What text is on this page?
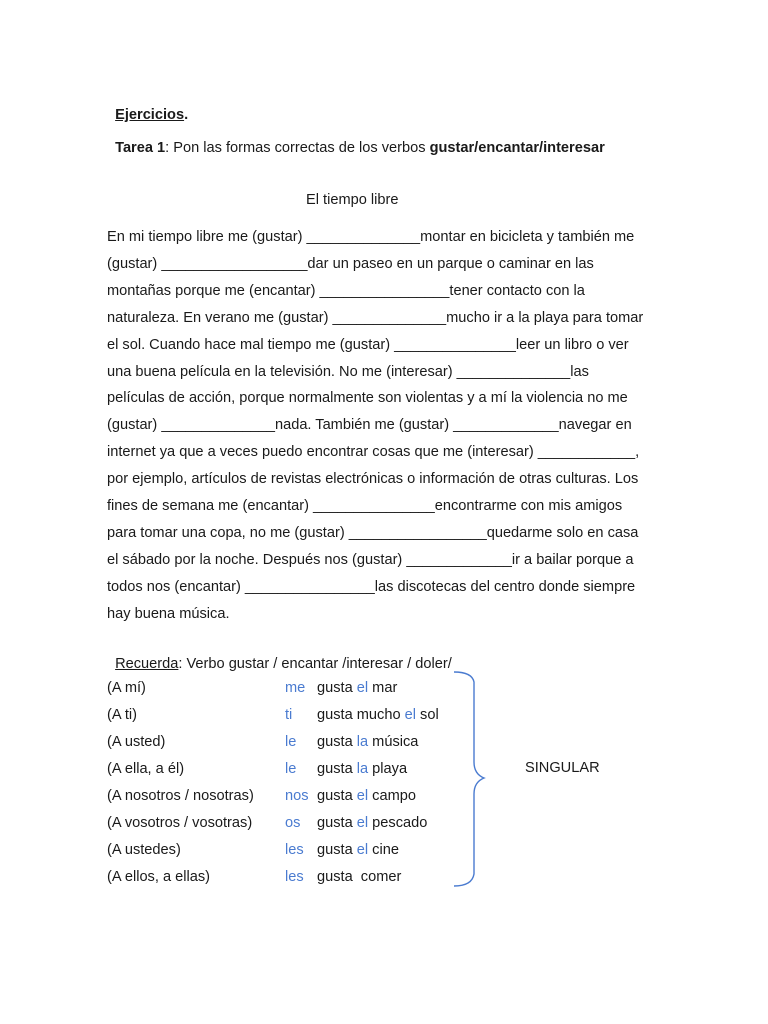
Ejercicios.

Tarea 1: Pon las formas correctas de los verbos gustar/encantar/interesar

El tiempo libre
En mi tiempo libre me (gustar) ______________montar en bicicleta y también me
(gustar) __________________dar un paseo en un parque o caminar en las
montañas porque me (encantar) ________________tener contacto con la
naturaleza. En verano me (gustar) ______________mucho ir a la playa para tomar
el sol. Cuando hace mal tiempo me (gustar) _______________leer un libro o ver
una buena película en la televisión. No me (interesar) ______________las
películas de acción, porque normalmente son violentas y a mí la violencia no me
(gustar) ______________nada. También me (gustar) _____________navegar en
internet ya que a veces puedo encontrar cosas que me (interesar) ____________,
por ejemplo, artículos de revistas electrónicas o información de otras culturas. Los
fines de semana me (encantar) _______________encontrarme con mis amigos
para tomar una copa, no me (gustar) _________________quedarme solo en casa
el sábado por la noche. Después nos (gustar) _____________ir a bailar porque a
todos nos (encantar) ________________las discotecas del centro donde siempre
hay buena música.

Recuerda: Verbo gustar / encantar /interesar / doler/

(A mí)	me gusta el mar
(A ti)	ti gusta mucho el sol
(A usted)	le gusta la música
(A ella, a él)	le gusta la playa
(A nosotros / nosotras) nos gusta el campo
(A vosotros / vosotras) os gusta el pescado
(A ustedes)	les gusta el cine
(A ellos, a ellas)	les gusta  comer
SINGULAR
